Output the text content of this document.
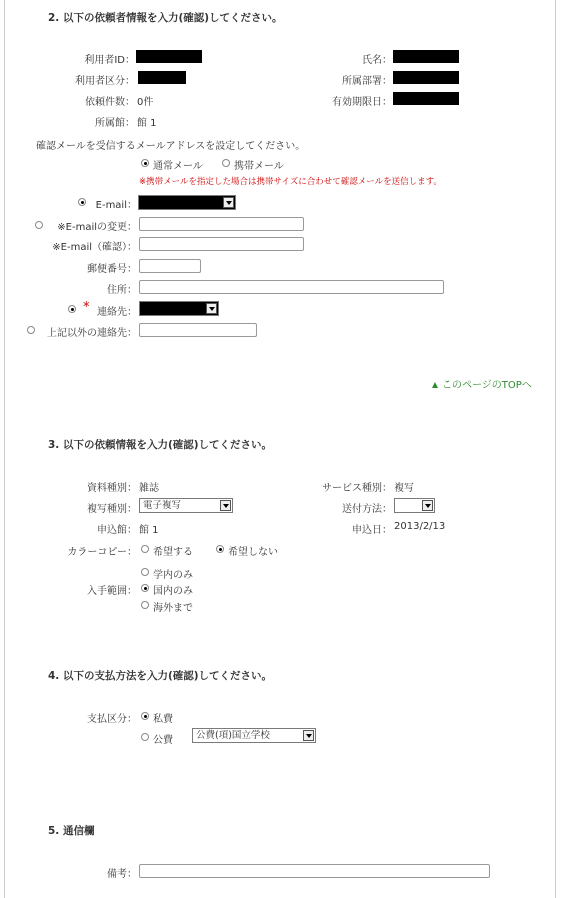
2. 以下の依頼者情報を入力(確認)してください。
利用者ID：	氏名：
利用者区分：	所属部署：
依頼件数： 0件	有効期限日：
所属館： 館 1
確認メールを受信するメールアドレスを設定してください。
通常メール	携帯メール
※携帯メールを指定した場合は携帯サイズに合わせて確認メールを送信します。
E-mail：
※E-mailの変更：
※E-mail（確認）：
郵便番号：
住所：
* 連絡先：
上記以外の連絡先：
このページのTOPへ
3. 以下の依頼情報を入力(確認)してください。
資料種別： 雑誌	サービス種別： 複写
複写種別： 電子複写	送付方法：
申込館： 館 1	申込日： 2013/2/13
カラーコピー： 希望する	希望しない
学内のみ
入手範囲： 国内のみ
海外まで
4. 以下の支払方法を入力(確認)してください。
支払区分： 私費
公費	公費(項)国立学校
5. 通信欄
備考：
